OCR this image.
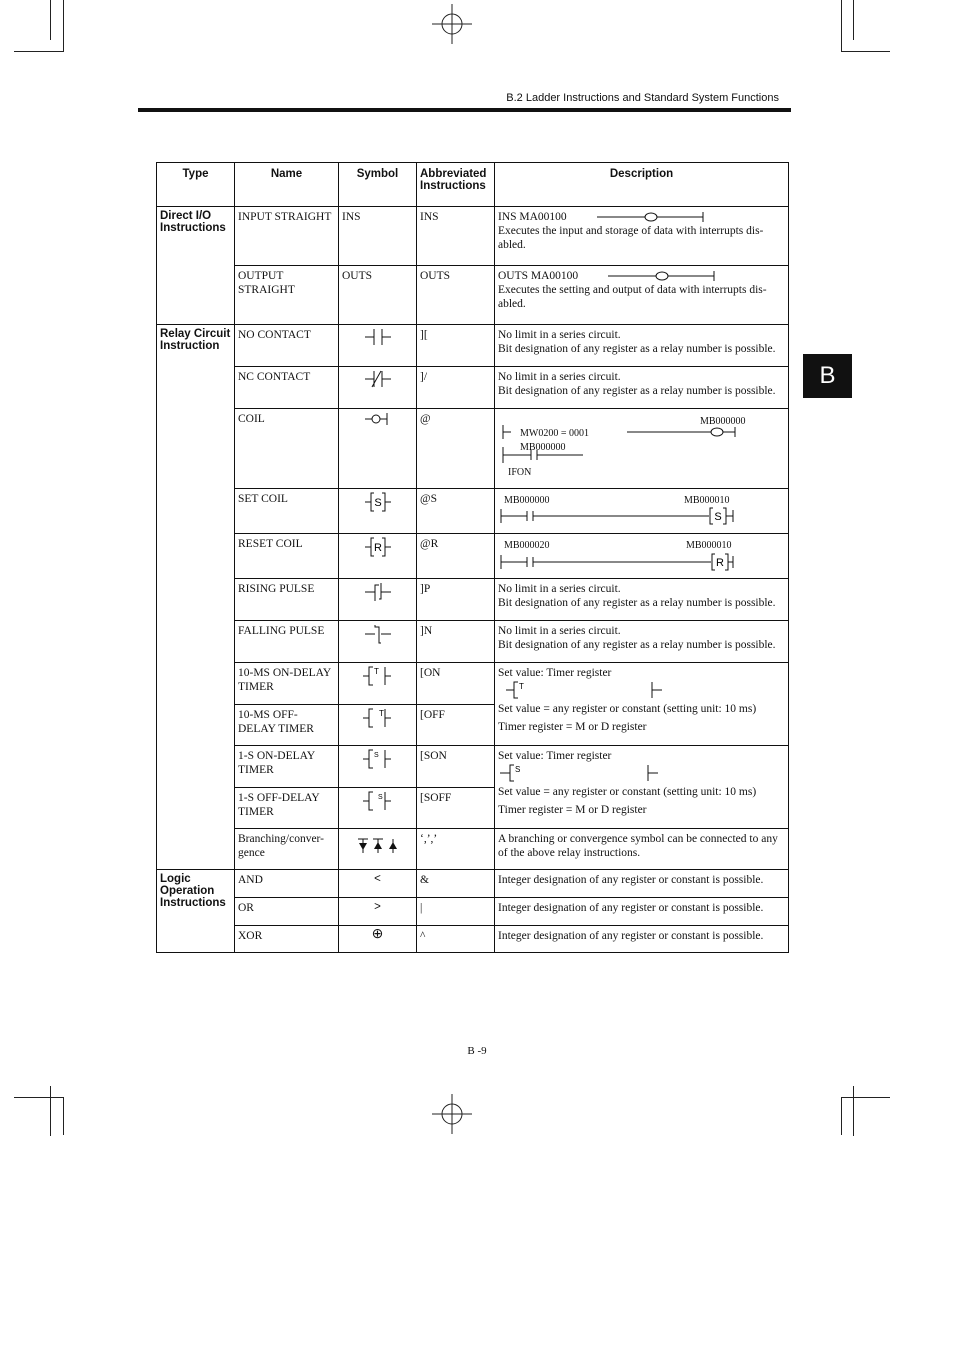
B.2 Ladder Instructions and Standard System Functions
B
Type	Name	Symbol	Abbreviated Instructions	Description
Direct I/O Instructions	INPUT STRAIGHT	INS	INS	INS MA00100
Executes the input and storage of data with interrupts dis-abled.

	OUTPUT STRAIGHT	OUTS	OUTS	OUTS MA00100
Executes the setting and output of data with interrupts dis-abled.

Relay Circuit Instruction	NO CONTACT		][	No limit in a series circuit.
Bit designation of any register as a relay number is possible.

	NC CONTACT		]/	No limit in a series circuit.
Bit designation of any register as a relay number is possible.

	COIL		@	MB000000
MW0200 = 0001
MB000000
IFON

	SET COIL	S	@S	MB000000 MB000010
S

	RESET COIL	R	@R	MB000020 MB000010
R

	RISING PULSE		]P	No limit in a series circuit.
Bit designation of any register as a relay number is possible.

	FALLING PULSE		]N	No limit in a series circuit.
Bit designation of any register as a relay number is possible.

	10-MS ON-DELAY TIMER	T	[ON	Set value: Timer register
T
Set value = any register or constant (setting unit: 10 ms)
Timer register = M or D register

	10-MS OFF-DELAY TIMER	T	[OFF	
	1-S ON-DELAY TIMER	S	[SON	Set value: Timer register
S
Set value = any register or constant (setting unit: 10 ms)
Timer register = M or D register

	1-S OFF-DELAY TIMER	S	[SOFF	
	Branching/conver-gence		‘,’,’	A branching or convergence symbol can be connected to any of the above relay instructions.
Logic Operation Instructions	AND	<	&	Integer designation of any register or constant is possible.
	OR	>	|	Integer designation of any register or constant is possible.
	XOR	⊕	^	Integer designation of any register or constant is possible.
B -9
